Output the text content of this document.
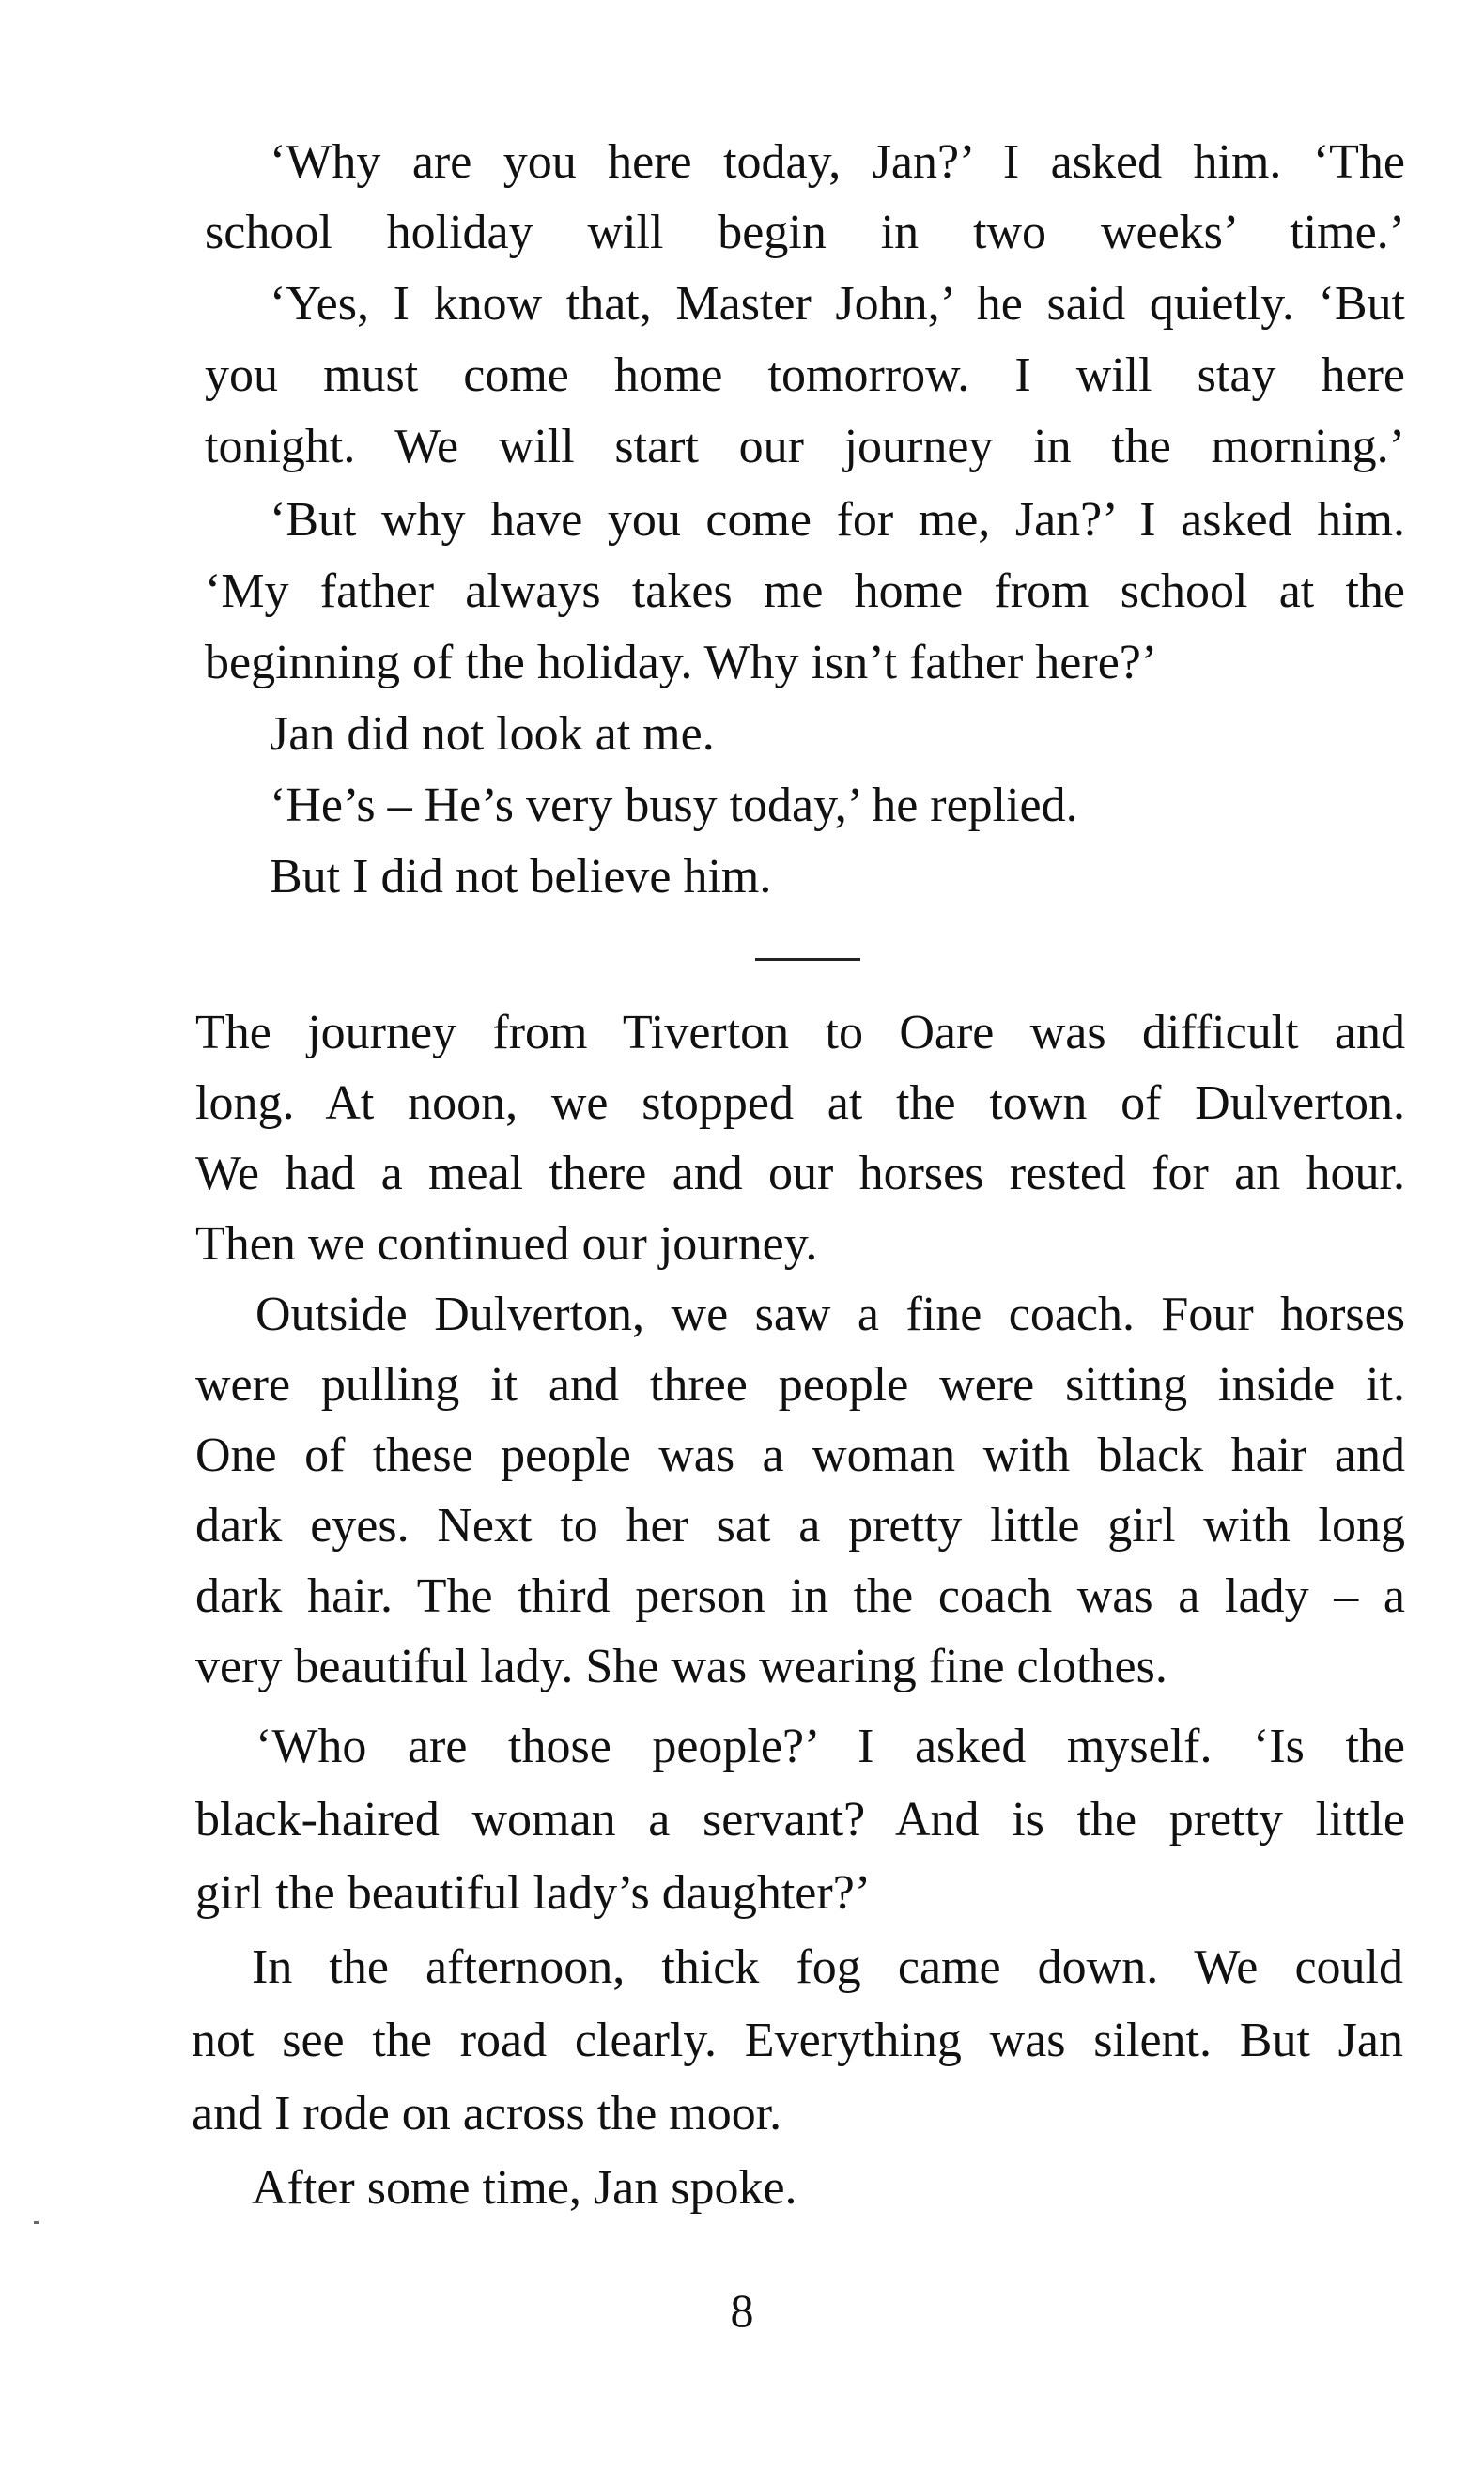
‘Why are you here today, Jan?’ I asked him. ‘The
school holiday will begin in two weeks’ time.’
‘Yes, I know that, Master John,’ he said quietly. ‘But
you must come home tomorrow. I will stay here
tonight. We will start our journey in the morning.’
‘But why have you come for me, Jan?’ I asked him.
‘My father always takes me home from school at the
beginning of the holiday. Why isn’t father here?’
Jan did not look at me.
‘He’s – He’s very busy today,’ he replied.
But I did not believe him.
The journey from Tiverton to Oare was difficult and
long. At noon, we stopped at the town of Dulverton.
We had a meal there and our horses rested for an hour.
Then we continued our journey.
Outside Dulverton, we saw a fine coach. Four horses
were pulling it and three people were sitting inside it.
One of these people was a woman with black hair and
dark eyes. Next to her sat a pretty little girl with long
dark hair. The third person in the coach was a lady – a
very beautiful lady. She was wearing fine clothes.
‘Who are those people?’ I asked myself. ‘Is the
black-haired woman a servant? And is the pretty little
girl the beautiful lady’s daughter?’
In the afternoon, thick fog came down. We could
not see the road clearly. Everything was silent. But Jan
and I rode on across the moor.
After some time, Jan spoke.
8
